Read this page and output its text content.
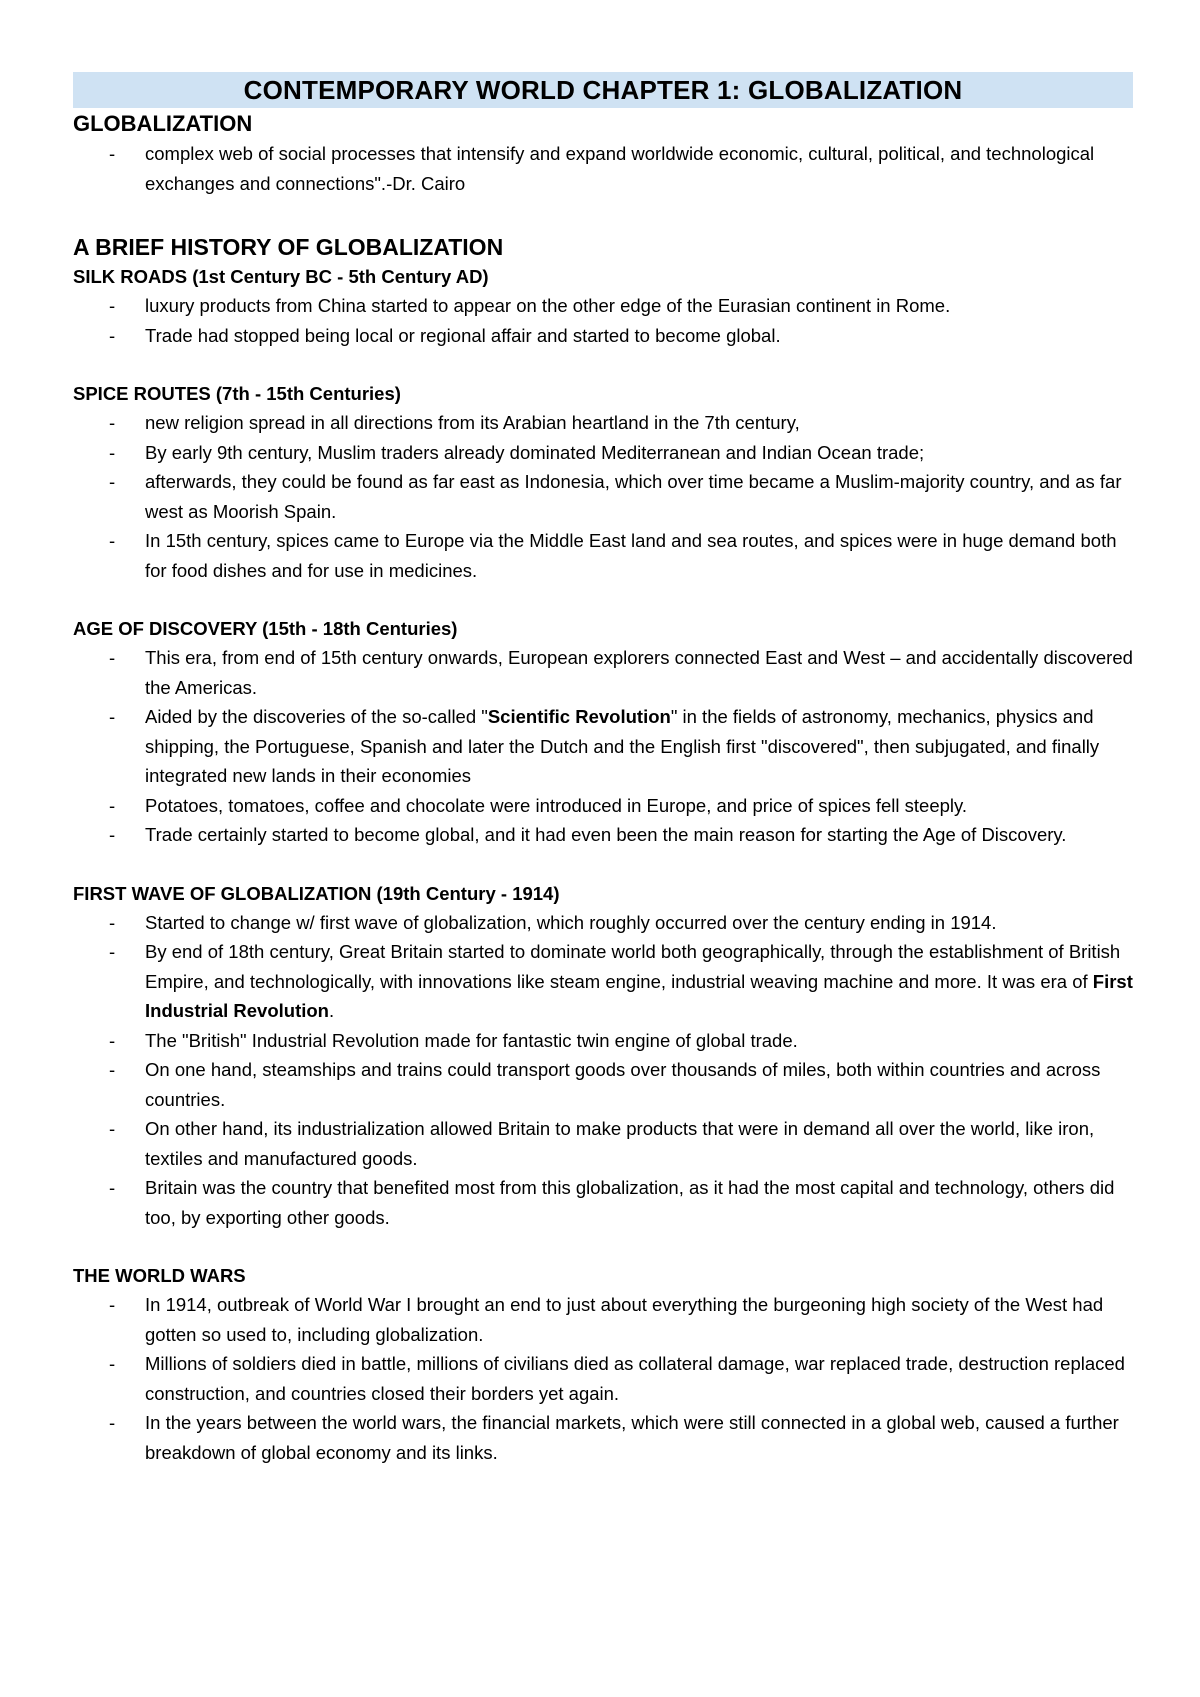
CONTEMPORARY WORLD CHAPTER 1: GLOBALIZATION
GLOBALIZATION
- complex web of social processes that intensify and expand worldwide economic, cultural, political, and technological exchanges and connections".-Dr. Cairo
A BRIEF HISTORY OF GLOBALIZATION
SILK ROADS (1st Century BC - 5th Century AD)
- luxury products from China started to appear on the other edge of the Eurasian continent in Rome.
- Trade had stopped being local or regional affair and started to become global.
SPICE ROUTES (7th - 15th Centuries)
- new religion spread in all directions from its Arabian heartland in the 7th century,
- By early 9th century, Muslim traders already dominated Mediterranean and Indian Ocean trade;
- afterwards, they could be found as far east as Indonesia, which over time became a Muslim-majority country, and as far west as Moorish Spain.
- In 15th century, spices came to Europe via the Middle East land and sea routes, and spices were in huge demand both for food dishes and for use in medicines.
AGE OF DISCOVERY (15th - 18th Centuries)
- This era, from end of 15th century onwards, European explorers connected East and West – and accidentally discovered the Americas.
- Aided by the discoveries of the so-called "Scientific Revolution" in the fields of astronomy, mechanics, physics and shipping, the Portuguese, Spanish and later the Dutch and the English first "discovered", then subjugated, and finally integrated new lands in their economies
- Potatoes, tomatoes, coffee and chocolate were introduced in Europe, and price of spices fell steeply.
- Trade certainly started to become global, and it had even been the main reason for starting the Age of Discovery.
FIRST WAVE OF GLOBALIZATION (19th Century - 1914)
- Started to change w/ first wave of globalization, which roughly occurred over the century ending in 1914.
- By end of 18th century, Great Britain started to dominate world both geographically, through the establishment of British Empire, and technologically, with innovations like steam engine, industrial weaving machine and more. It was era of First Industrial Revolution.
- The "British" Industrial Revolution made for fantastic twin engine of global trade.
- On one hand, steamships and trains could transport goods over thousands of miles, both within countries and across countries.
- On other hand, its industrialization allowed Britain to make products that were in demand all over the world, like iron, textiles and manufactured goods.
- Britain was the country that benefited most from this globalization, as it had the most capital and technology, others did too, by exporting other goods.
THE WORLD WARS
- In 1914, outbreak of World War I brought an end to just about everything the burgeoning high society of the West had gotten so used to, including globalization.
- Millions of soldiers died in battle, millions of civilians died as collateral damage, war replaced trade, destruction replaced construction, and countries closed their borders yet again.
- In the years between the world wars, the financial markets, which were still connected in a global web, caused a further breakdown of global economy and its links.
